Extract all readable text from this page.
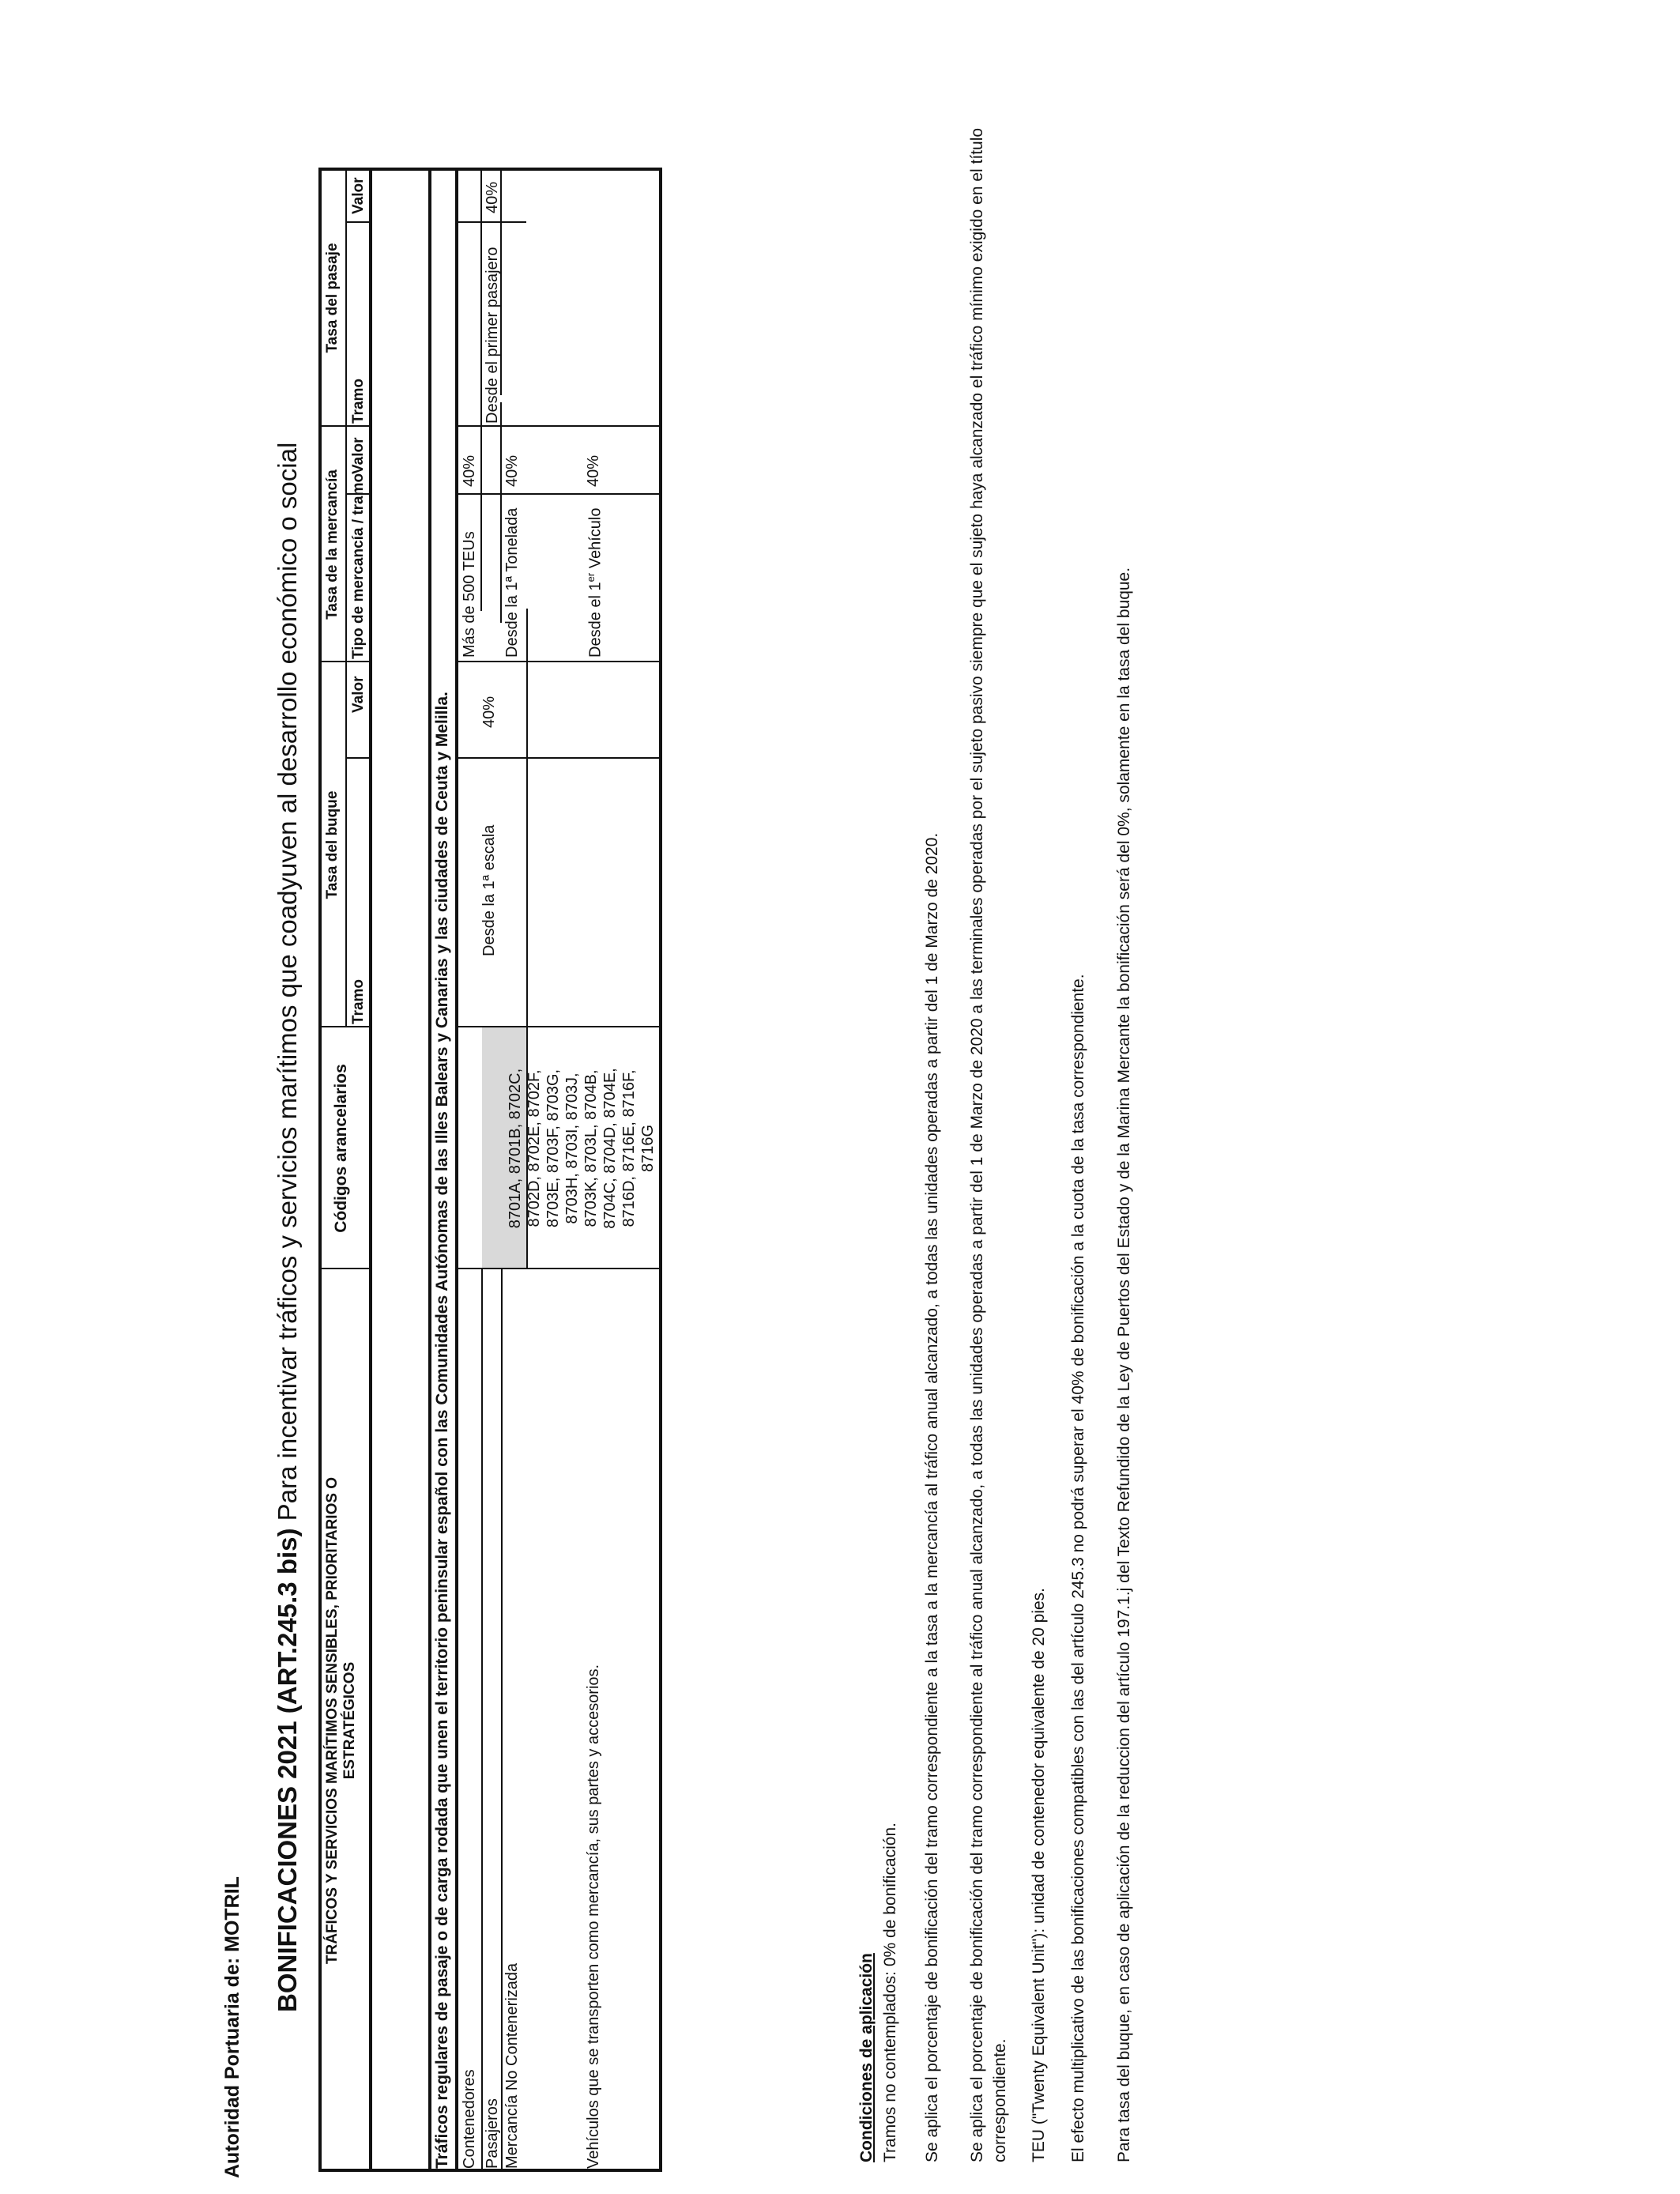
Autoridad Portuaria de: MOTRIL BONIFICACIONES 2021 (ART.245.3 bis) Para incentivar tráficos y servicios marítimos que coadyuven al desarrollo económico o social
TRÁFICOS Y SERVICIOS MARÍTIMOS SENSIBLES, PRIORITARIOS O
ESTRATÉGICOS
Códigos arancelarios
Tasa del buque
Tasa de la mercancía
Tasa del pasaje
Tramo
Valor
Tipo de mercancía / tramo
Valor
Tramo
Valor
Tráficos regulares de pasaje o de carga rodada que unen el territorio peninsular español con las Comunidades Autónomas de las Illes Balears y Canarias y las ciudades de Ceuta y Melilla. Contenedores Pasajeros Mercancía No Contenerizada	Vehículos que se transporten como mercancía, sus partes y accesorios.
8701A, 8701B, 8702C, 8702D, 8702E, 8702F, 8703E, 8703F, 8703G, 8703H, 8703I, 8703J, 8703K, 8703L, 8704B, 8704C, 8704D, 8704E, 8716D, 8716E, 8716F, 8716G
Desde la 1ª escala
40%
Más de 500 TEUs
40%
Desde la 1ª Tonelada
40%
Desde el 1er Vehículo
40%
Desde el primer pasajero
40%
Condiciones de aplicación Tramos no contemplados: 0% de bonificación. Se aplica el porcentaje de bonificación del tramo correspondiente a la tasa a la mercancía al tráfico anual alcanzado, a todas las unidades operadas a partir del 1 de Marzo de 2020. Se aplica el porcentaje de bonificación del tramo correspondiente al tráfico anual alcanzado, a todas las unidades operadas a partir del 1 de Marzo de 2020 a las terminales operadas por el sujeto pasivo siempre que el sujeto haya alcanzado el tráfico mínimo exigido en el título correspondiente. TEU ("Twenty Equivalent Unit"): unidad de contenedor equivalente de 20 pies. El efecto multiplicativo de las bonificaciones compatibles con las del artículo 245.3 no podrá superar el 40% de bonificación a la cuota de la tasa correspondiente. Para tasa del buque, en caso de aplicación de la reduccion del artículo 197.1.j del Texto Refundido de la Ley de Puertos del Estado y de la Marina Mercante la bonificación será del 0%, solamente en la tasa del buque.
